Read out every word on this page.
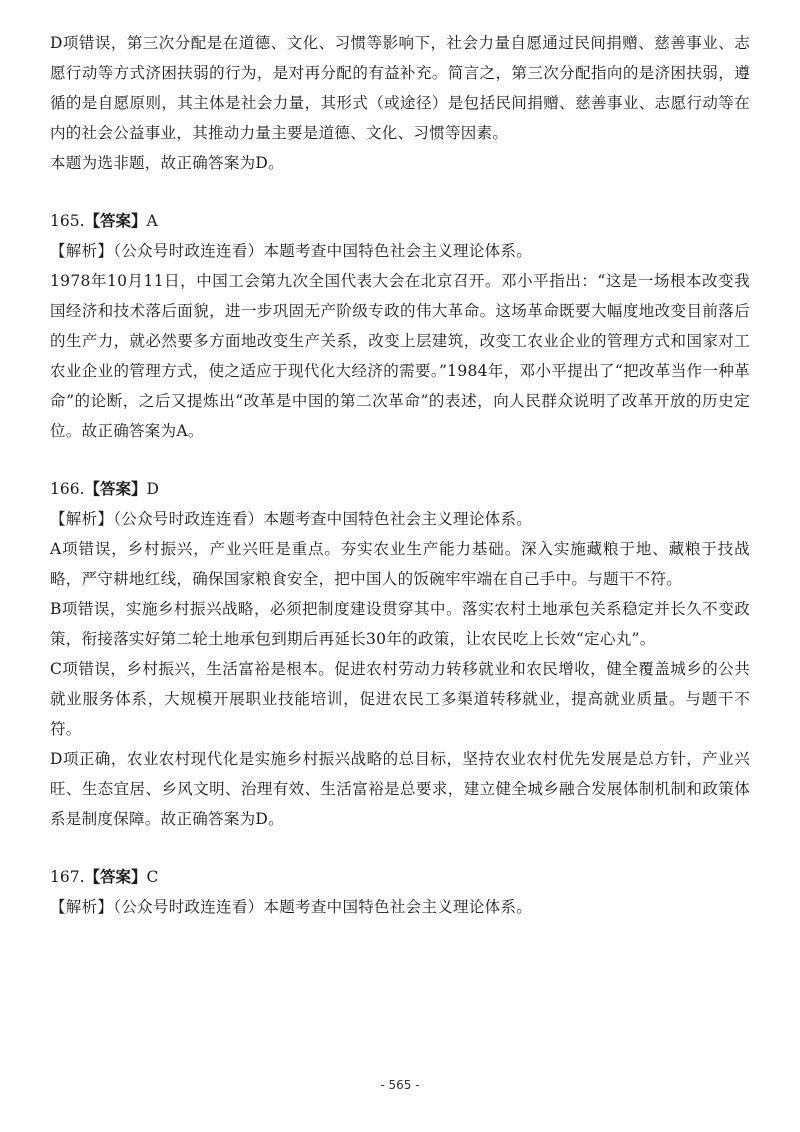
D项错误，第三次分配是在道德、文化、习惯等影响下，社会力量自愿通过民间捐赠、慈善事业、志愿行动等方式济困扶弱的行为，是对再分配的有益补充。简言之，第三次分配指向的是济困扶弱，遵循的是自愿原则，其主体是社会力量，其形式（或途径）是包括民间捐赠、慈善事业、志愿行动等在内的社会公益事业，其推动力量主要是道德、文化、习惯等因素。

本题为选非题，故正确答案为D。

165.【答案】A

【解析】（公众号时政连连看）本题考查中国特色社会主义理论体系。

1978年10月11日，中国工会第九次全国代表大会在北京召开。邓小平指出：“这是一场根本改变我国经济和技术落后面貌，进一步巩固无产阶级专政的伟大革命。这场革命既要大幅度地改变目前落后的生产力，就必然要多方面地改变生产关系，改变上层建筑，改变工农业企业的管理方式和国家对工农业企业的管理方式，使之适应于现代化大经济的需要。”1984年，邓小平提出了“把改革当作一种革命”的论断，之后又提炼出“改革是中国的第二次革命”的表述，向人民群众说明了改革开放的历史定位。故正确答案为A。

166.【答案】D

【解析】（公众号时政连连看）本题考查中国特色社会主义理论体系。

A项错误，乡村振兴，产业兴旺是重点。夯实农业生产能力基础。深入实施藏粮于地、藏粮于技战略，严守耕地红线，确保国家粮食安全，把中国人的饭碗牢牢端在自己手中。与题干不符。

B项错误，实施乡村振兴战略，必须把制度建设贯穿其中。落实农村土地承包关系稳定并长久不变政策，衔接落实好第二轮土地承包到期后再延长30年的政策，让农民吃上长效“定心丸”。

C项错误，乡村振兴，生活富裕是根本。促进农村劳动力转移就业和农民增收，健全覆盖城乡的公共就业服务体系，大规模开展职业技能培训，促进农民工多渠道转移就业，提高就业质量。与题干不符。

D项正确，农业农村现代化是实施乡村振兴战略的总目标，坚持农业农村优先发展是总方针，产业兴旺、生态宜居、乡风文明、治理有效、生活富裕是总要求，建立健全城乡融合发展体制机制和政策体系是制度保障。故正确答案为D。

167.【答案】C

【解析】（公众号时政连连看）本题考查中国特色社会主义理论体系。

- 565 -
